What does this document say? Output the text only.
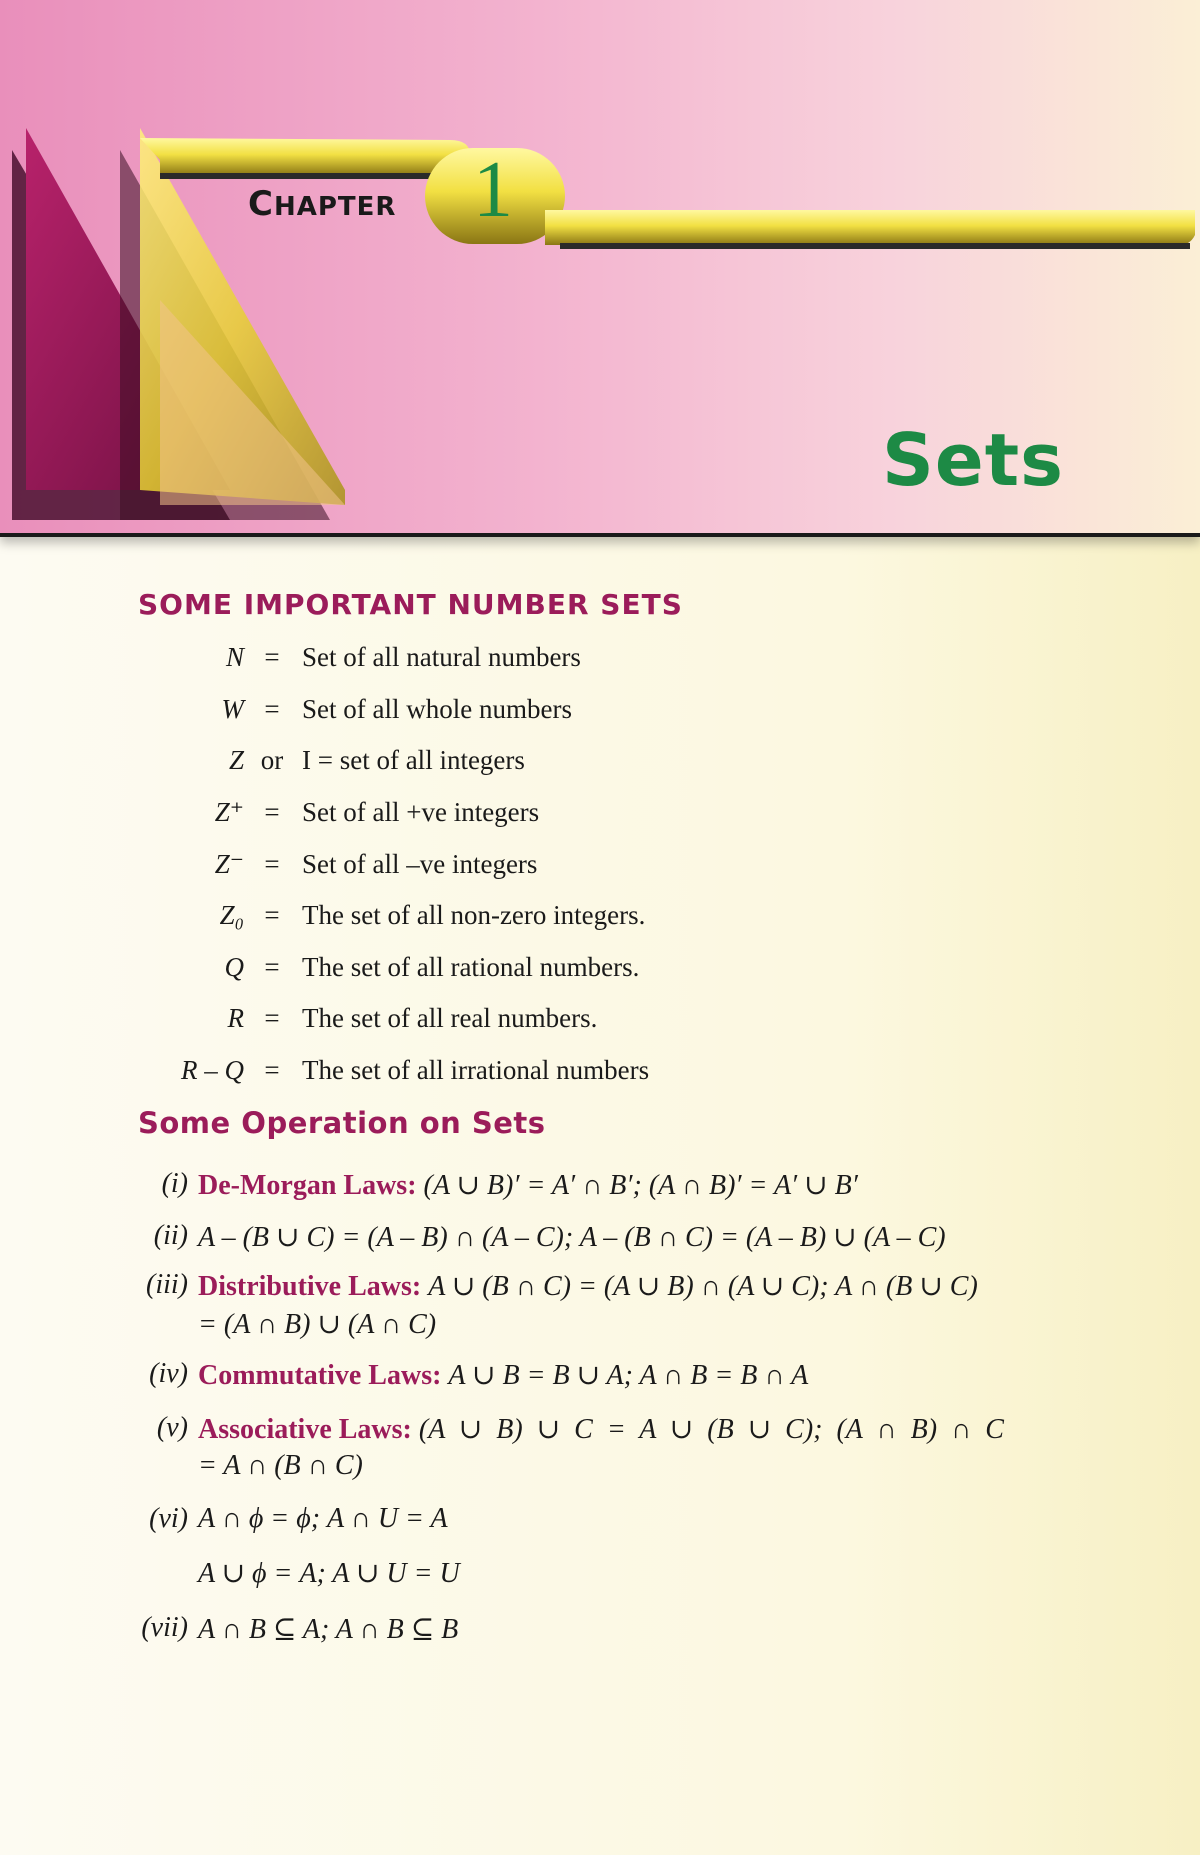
CHAPTER 1
Sets
SOME IMPORTANT NUMBER SETS
N = Set of all natural numbers
W = Set of all whole numbers
Z or I = set of all integers
Z⁺ = Set of all +ve integers
Z⁻ = Set of all –ve integers
Z₀ = The set of all non-zero integers.
Q = The set of all rational numbers.
R = The set of all real numbers.
R – Q = The set of all irrational numbers
Some Operation on Sets
(i) De-Morgan Laws: (A ∪ B)′ = A′ ∩ B′; (A ∩ B)′ = A′ ∪ B′
(ii) A – (B ∪ C) = (A – B) ∩ (A – C); A – (B ∩ C) = (A – B) ∪ (A – C)
(iii) Distributive Laws: A ∪ (B ∩ C) = (A ∪ B) ∩ (A ∪ C); A ∩ (B ∪ C)
= (A ∩ B) ∪ (A ∩ C)
(iv) Commutative Laws: A ∪ B = B ∪ A; A ∩ B = B ∩ A
(v) Associative Laws: (A  ∪  B)  ∪  C  =  A  ∪  (B  ∪  C);  (A  ∩  B)  ∩  C
= A ∩ (B ∩ C)
(vi) A ∩ ϕ = ϕ; A ∩ U = A
A ∪ ϕ = A; A ∪ U = U
(vii) A ∩ B ⊆ A; A ∩ B ⊆ B
